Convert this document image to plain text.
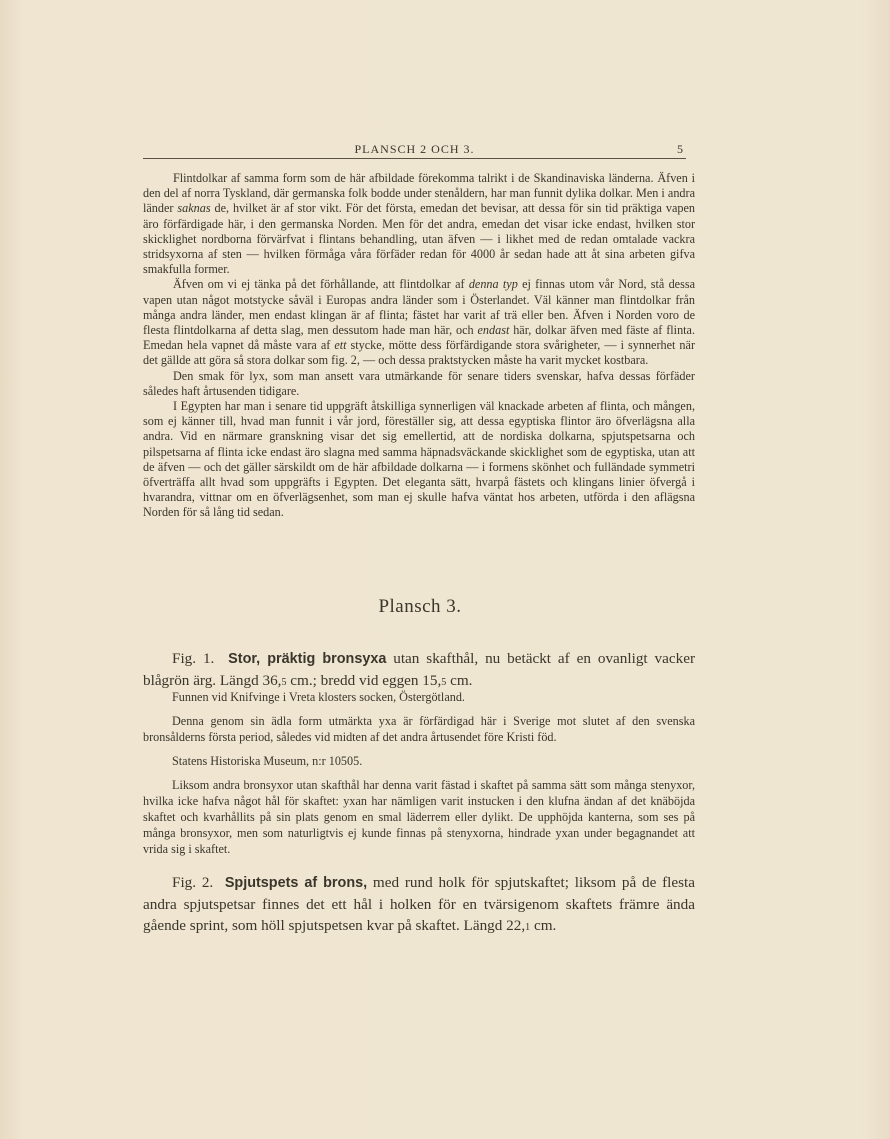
PLANSCH 2 OCH 3.	5

Flintdolkar af samma form som de här afbildade förekomma talrikt i de Skandinaviska länderna. Äfven i den del af norra Tyskland, där germanska folk bodde under stenåldern, har man funnit dylika dolkar. Men i andra länder saknas de, hvilket är af stor vikt. För det första, emedan det bevisar, att dessa för sin tid präktiga vapen äro förfärdigade här, i den germanska Norden. Men för det andra, emedan det visar icke endast, hvilken stor skicklighet nordborna förvärfvat i flintans behandling, utan äfven — i likhet med de redan omtalade vackra stridsyxorna af sten — hvilken förmåga våra förfäder redan för 4000 år sedan hade att åt sina arbeten gifva smakfulla former.

Äfven om vi ej tänka på det förhållande, att flintdolkar af denna typ ej finnas utom vår Nord, stå dessa vapen utan något motstycke såväl i Europas andra länder som i Österlandet. Väl känner man flintdolkar från många andra länder, men endast klingan är af flinta; fästet har varit af trä eller ben. Äfven i Norden voro de flesta flintdolkarna af detta slag, men dessutom hade man här, och endast här, dolkar äfven med fäste af flinta. Emedan hela vapnet då måste vara af ett stycke, mötte dess förfärdigande stora svårigheter, — i synnerhet när det gällde att göra så stora dolkar som fig. 2, — och dessa praktstycken måste ha varit mycket kostbara.

Den smak för lyx, som man ansett vara utmärkande för senare tiders svenskar, hafva dessas förfäder således haft årtusenden tidigare.

I Egypten har man i senare tid uppgräft åtskilliga synnerligen väl knackade arbeten af flinta, och mången, som ej känner till, hvad man funnit i vår jord, föreställer sig, att dessa egyptiska flintor äro öfverlägsna alla andra. Vid en närmare granskning visar det sig emellertid, att de nordiska dolkarna, spjutspetsarna och pilspetsarna af flinta icke endast äro slagna med samma häpnadsväckande skicklighet som de egyptiska, utan att de äfven — och det gäller särskildt om de här afbildade dolkarna — i formens skönhet och fulländade symmetri öfverträffa allt hvad som uppgräfts i Egypten. Det eleganta sätt, hvarpå fästets och klingans linier öfvergå i hvarandra, vittnar om en öfverlägsenhet, som man ej skulle hafva väntat hos arbeten, utförda i den aflägsna Norden för så lång tid sedan.

Plansch 3.
Fig. 1. Stor, präktig bronsyxa utan skafthål, nu betäckt af en ovanligt vacker blågrön ärg. Längd 36,5 cm.; bredd vid eggen 15,5 cm.

Funnen vid Knifvinge i Vreta klosters socken, Östergötland.

Denna genom sin ädla form utmärkta yxa är förfärdigad här i Sverige mot slutet af den svenska bronsålderns första period, således vid midten af det andra årtusendet före Kristi föd.

Statens Historiska Museum, n:r 10505.

Liksom andra bronsyxor utan skafthål har denna varit fästad i skaftet på samma sätt som många stenyxor, hvilka icke hafva något hål för skaftet: yxan har nämligen varit instucken i den klufna ändan af det knäböjda skaftet och kvarhållits på sin plats genom en smal läderrem eller dylikt. De upphöjda kanterna, som ses på många bronsyxor, men som naturligtvis ej kunde finnas på stenyxorna, hindrade yxan under begagnandet att vrida sig i skaftet.

Fig. 2. Spjutspets af brons, med rund holk för spjutskaftet; liksom på de flesta andra spjutspetsar finnes det ett hål i holken för en tvärsigenom skaftets främre ända gående sprint, som höll spjutspetsen kvar på skaftet. Längd 22,1 cm.
